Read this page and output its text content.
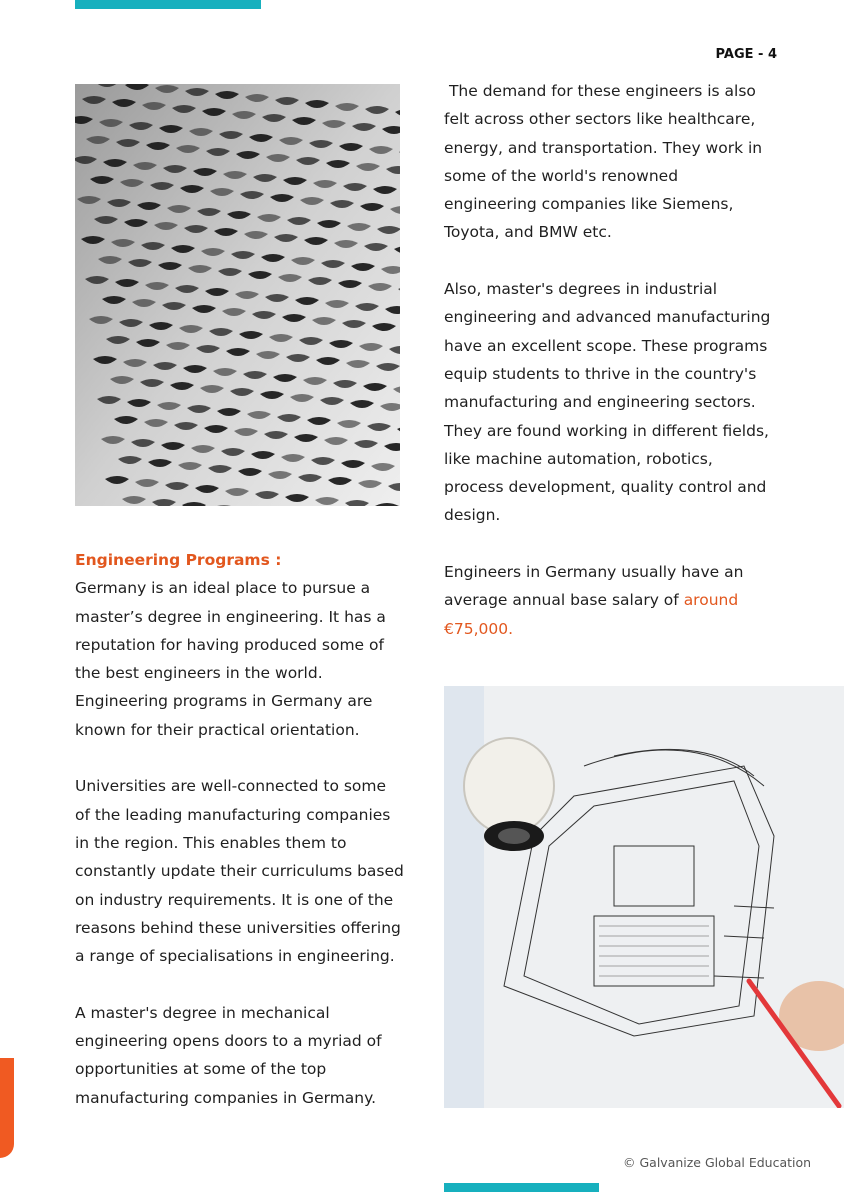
PAGE - 4

Engineering Programs :

Germany is an ideal place to pursue a master’s degree in engineering. It has a reputation for having produced some of the best engineers in the world. Engineering programs in Germany are known for their practical orientation.

Universities are well-connected to some of the leading manufacturing companies in the region. This enables them to constantly update their curriculums based on industry requirements. It is one of the reasons behind these universities offering a range of specialisations in engineering.

A master's degree in mechanical engineering opens doors to a myriad of opportunities at some of the top manufacturing companies in Germany.

The demand for these engineers is also felt across other sectors like healthcare, energy, and transportation. They work in some of the world's renowned engineering companies like Siemens, Toyota, and BMW etc.

Also, master's degrees in industrial engineering and advanced manufacturing have an excellent scope. These programs equip students to thrive in the country's manufacturing and engineering sectors. They are found working in different fields, like machine automation, robotics, process development, quality control and design.

Engineers in Germany usually have an average annual base salary of around €75,000.

© Galvanize Global Education
